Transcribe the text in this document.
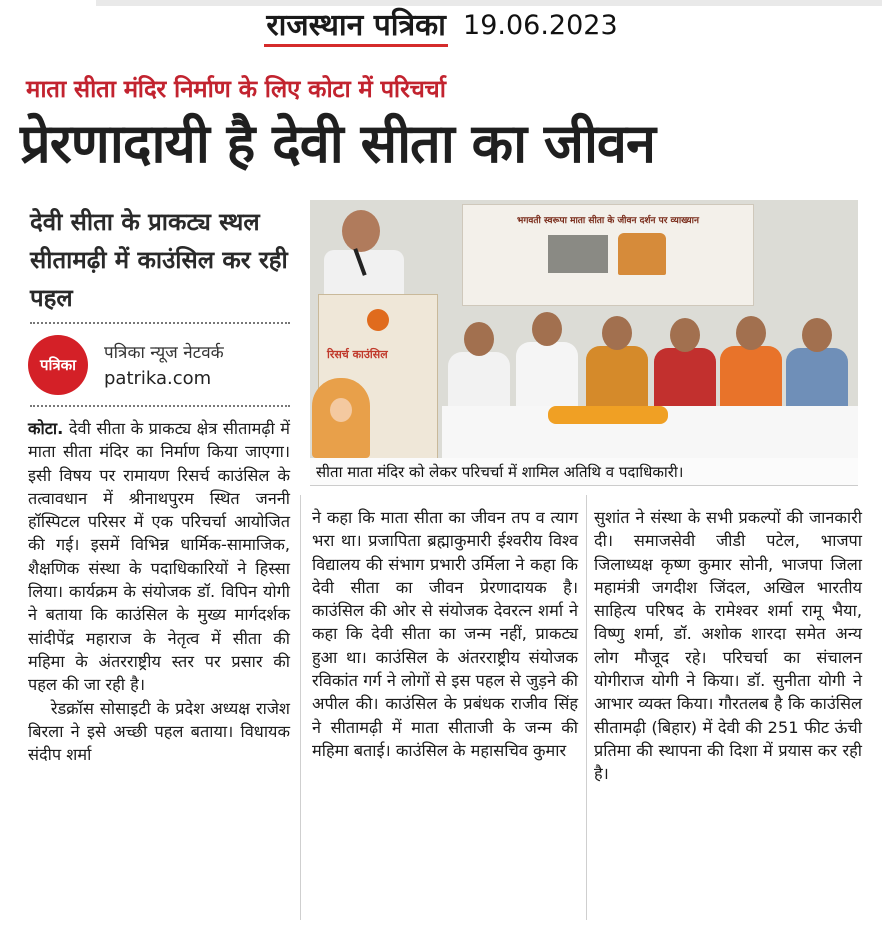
राजस्थान पत्रिका 19.06.2023
माता सीता मंदिर निर्माण के लिए कोटा में परिचर्चा
प्रेरणादायी है देवी सीता का जीवन
देवी सीता के प्राकट्य स्थल सीतामढ़ी में काउंसिल कर रही पहल
पत्रिका
पत्रिका न्यूज नेटवर्क
patrika.com
भगवती स्वरूपा माता सीता के जीवन दर्शन पर व्याख्यान
रिसर्च काउंसिल
सीता माता मंदिर को लेकर परिचर्चा में शामिल अतिथि व पदाधिकारी।

कोटा. देवी सीता के प्राकट्य क्षेत्र सीतामढ़ी में माता सीता मंदिर का निर्माण किया जाएगा। इसी विषय पर रामायण रिसर्च काउंसिल के तत्वावधान में श्रीनाथपुरम स्थित जननी हॉस्पिटल परिसर में एक परिचर्चा आयोजित की गई। इसमें विभिन्न धार्मिक-सामाजिक, शैक्षणिक संस्था के पदाधिकारियों ने हिस्सा लिया। कार्यक्रम के संयोजक डॉ. विपिन योगी ने बताया कि काउंसिल के मुख्य मार्गदर्शक सांदीपेंद्र महाराज के नेतृत्व में सीता की महिमा के अंतरराष्ट्रीय स्तर पर प्रसार की पहल की जा रही है।

रेडक्रॉस सोसाइटी के प्रदेश अध्यक्ष राजेश बिरला ने इसे अच्छी पहल बताया। विधायक संदीप शर्मा

ने कहा कि माता सीता का जीवन तप व त्याग भरा था। प्रजापिता ब्रह्माकुमारी ईश्वरीय विश्व विद्यालय की संभाग प्रभारी उर्मिला ने कहा कि देवी सीता का जीवन प्रेरणादायक है। काउंसिल की ओर से संयोजक देवरत्न शर्मा ने कहा कि देवी सीता का जन्म नहीं, प्राकट्य हुआ था। काउंसिल के अंतरराष्ट्रीय संयोजक रविकांत गर्ग ने लोगों से इस पहल से जुड़ने की अपील की। काउंसिल के प्रबंधक राजीव सिंह ने सीतामढ़ी में माता सीताजी के जन्म की महिमा बताई। काउंसिल के महासचिव कुमार

सुशांत ने संस्था के सभी प्रकल्पों की जानकारी दी। समाजसेवी जीडी पटेल, भाजपा जिलाध्यक्ष कृष्ण कुमार सोनी, भाजपा जिला महामंत्री जगदीश जिंदल, अखिल भारतीय साहित्य परिषद के रामेश्वर शर्मा रामू भैया, विष्णु शर्मा, डॉ. अशोक शारदा समेत अन्य लोग मौजूद रहे। परिचर्चा का संचालन योगीराज योगी ने किया। डॉ. सुनीता योगी ने आभार व्यक्त किया। गौरतलब है कि काउंसिल सीतामढ़ी (बिहार) में देवी की 251 फीट ऊंची प्रतिमा की स्थापना की दिशा में प्रयास कर रही है।
